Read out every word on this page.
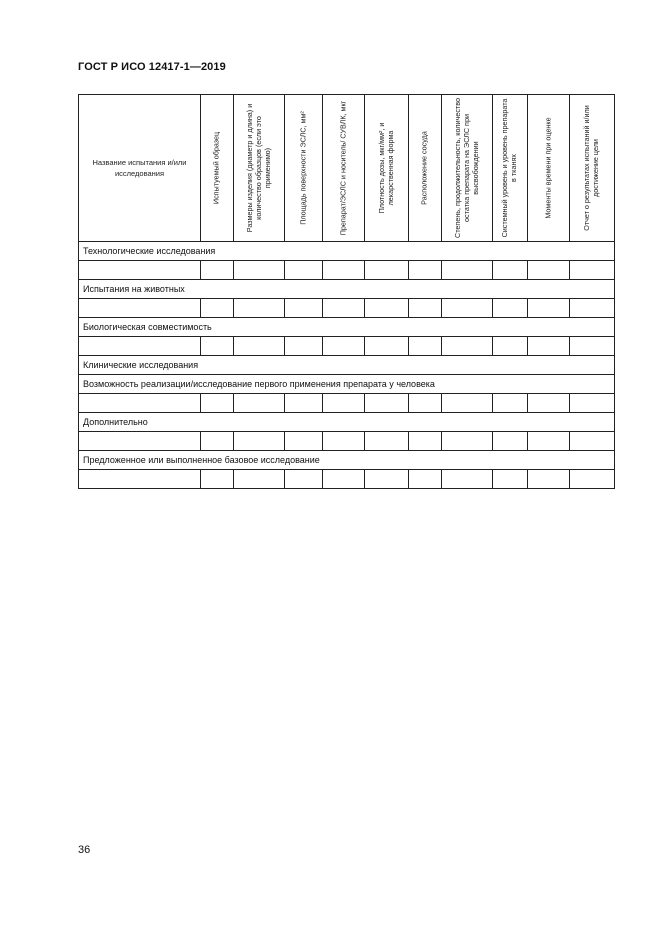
ГОСТ Р ИСО 12417-1—2019
Название испытания и/или исследования	Испытуемый образец	Размеры изделия (диаметр и длина) и количество образцов (если это применимо)	Площадь поверхности ЭСЛС, мм²	Препарат/ЭСЛС и носитель/ СУВЛК, мкг	Плотность дозы, мкг/мм², и лекарственная форма	Расположение сосуда	Степень, продолжительность, количество остатка препарата на ЭСЛС при высвобождении	Системный уровень и уровень препарата в тканях	Моменты времени при оценке	Отчет о результатах испытаний и/или достижение цели

Технологические исследования										

Испытания на животных										

Биологическая совместимость										

Клинические исследования										
Возможность реализации/исследование первого применения препарата у человека										

Дополнительно										

Предложенное или выполненное базовое исследование										

36
